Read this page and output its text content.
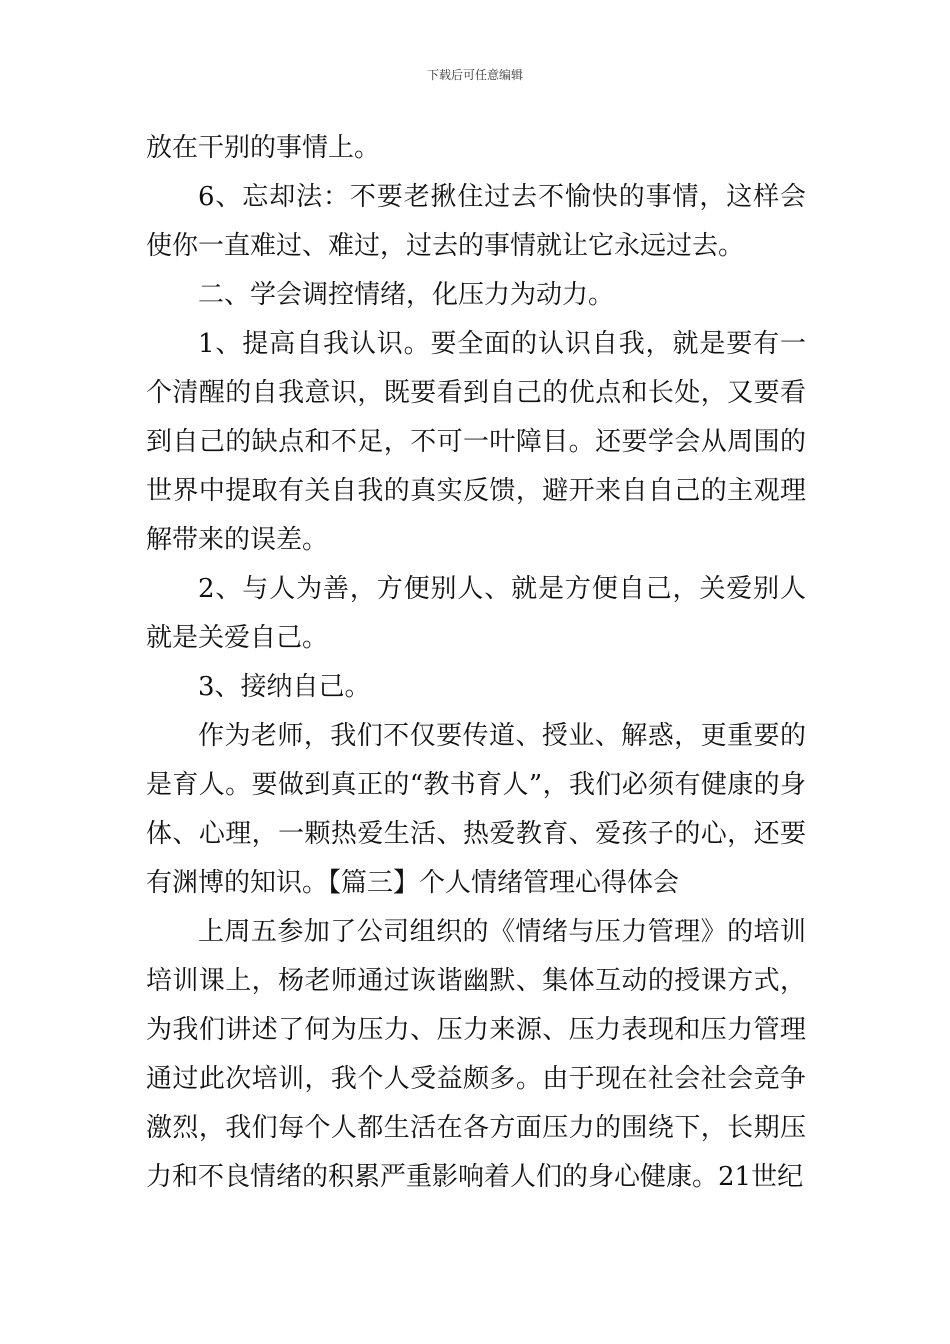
下载后可任意编辑

放在干别的事情上。

6、忘却法：不要老揪住过去不愉快的事情，这样会使你一直难过、难过，过去的事情就让它永远过去。

二、学会调控情绪，化压力为动力。

1、提高自我认识。要全面的认识自我，就是要有一个清醒的自我意识，既要看到自己的优点和长处，又要看到自己的缺点和不足，不可一叶障目。还要学会从周围的世界中提取有关自我的真实反馈，避开来自自己的主观理解带来的误差。

2、与人为善，方便别人、就是方便自己，关爱别人就是关爱自己。

3、接纳自己。

作为老师，我们不仅要传道、授业、解惑，更重要的是育人。要做到真正的“教书育人”，我们必须有健康的身体、心理，一颗热爱生活、热爱教育、爱孩子的心，还要有渊博的知识。【篇三】个人情绪管理心得体会

上周五参加了公司组织的《情绪与压力管理》的培训培训课上，杨老师通过诙谐幽默、集体互动的授课方式，为我们讲述了何为压力、压力来源、压力表现和压力管理通过此次培训，我个人受益颇多。由于现在社会社会竞争激烈，我们每个人都生活在各方面压力的围绕下，长期压力和不良情绪的积累严重影响着人们的身心健康。21世纪
